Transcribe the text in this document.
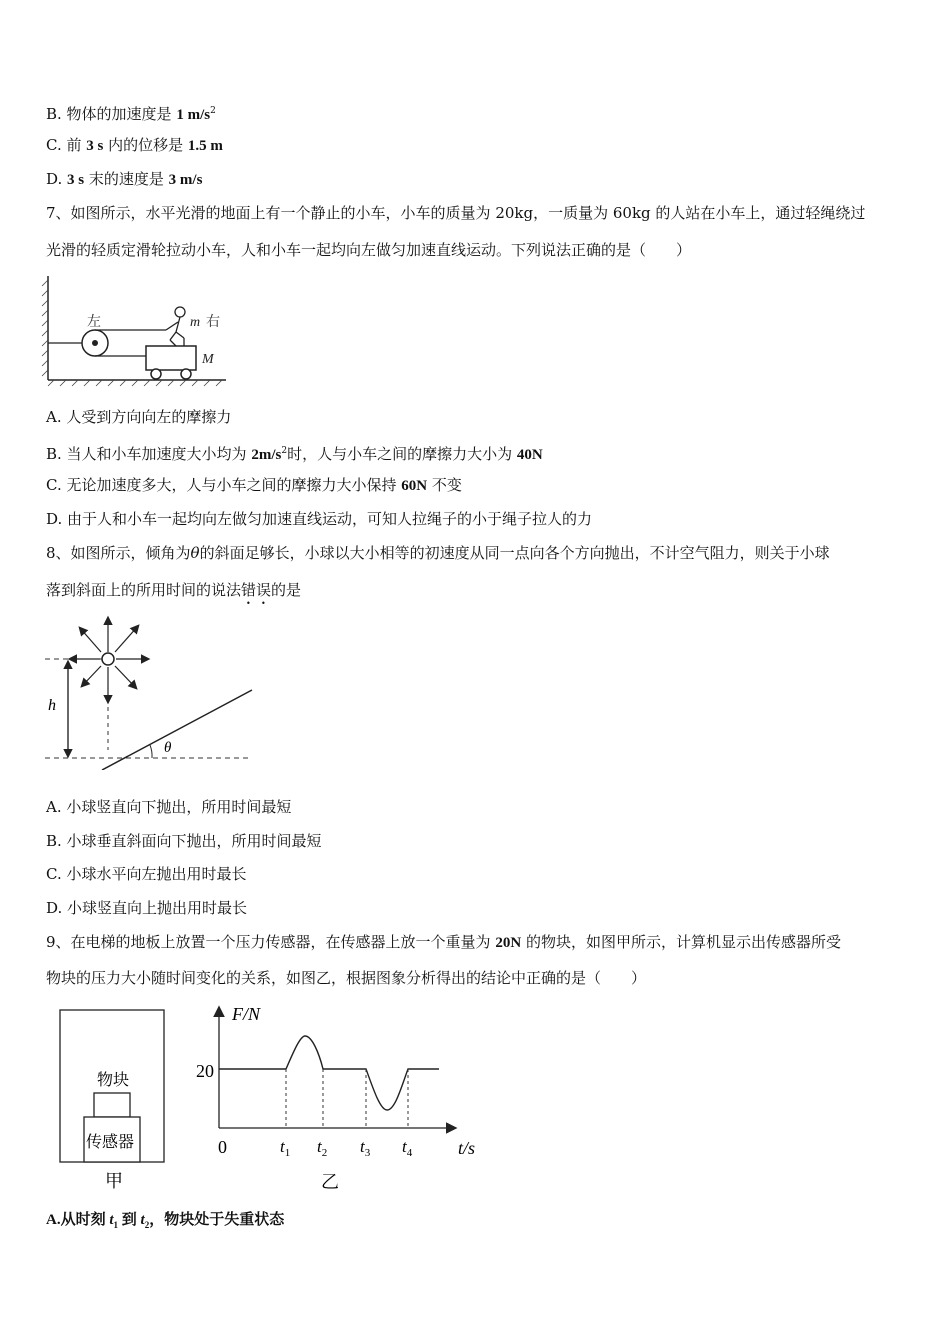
B. 物体的加速度是 1 $m/s^2$
C. 前 3 s 内的位移是 1.5 m
D. 3 s 末的速度是 3 m/s
7、如图所示，水平光滑的地面上有一个静止的小车，小车的质量为 20kg，一质量为 60kg 的人站在小车上，通过轻绳绕过
光滑的轻质定滑轮拉动小车，人和小车一起均向左做匀加速直线运动。下列说法正确的是（　　）
左	m 右
M
A. 人受到方向向左的摩擦力
B. 当人和小车加速度大小均为 $2m/s^2$时，人与小车之间的摩擦力大小为 40N
C. 无论加速度多大，人与小车之间的摩擦力大小保持 60N 不变
D. 由于人和小车一起均向左做匀加速直线运动，可知人拉绳子的小于绳子拉人的力
8、如图所示，倾角为θ的斜面足够长，小球以大小相等的初速度从同一点向各个方向抛出，不计空气阻力，则关于小球
落到斜面上的所用时间的说法错误的是
h
θ
A. 小球竖直向下抛出，所用时间最短
B. 小球垂直斜面向下抛出，所用时间最短
C. 小球水平向左抛出用时最长
D. 小球竖直向上抛出用时最长
9、在电梯的地板上放置一个压力传感器，在传感器上放一个重量为 20N 的物块，如图甲所示，计算机显示出传感器所受
物块的压力大小随时间变化的关系，如图乙，根据图象分析得出的结论中正确的是（　　）
物块
传感器
甲
F/N
20
0	$t_1$ $t_2$ $t_3$ $t_4$	t/s
乙
A.从时刻 $t_1$ 到 $t_2$，物块处于失重状态
